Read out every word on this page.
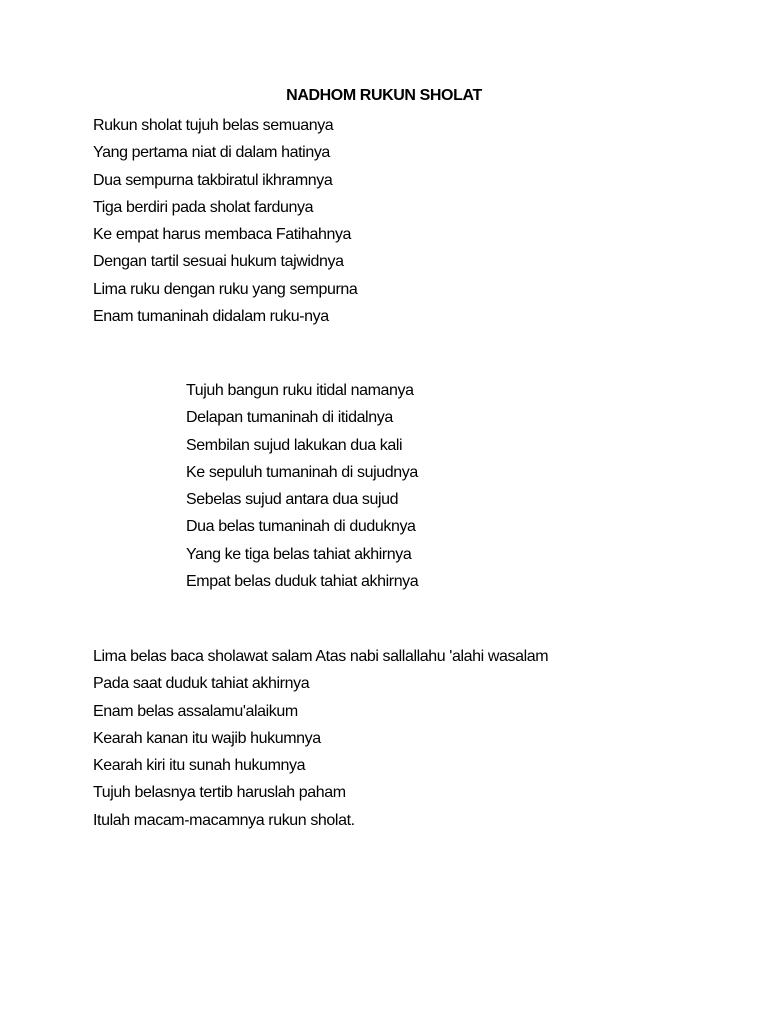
NADHOM RUKUN SHOLAT
Rukun sholat tujuh belas semuanya
Yang pertama niat di dalam hatinya
Dua sempurna takbiratul ikhramnya
Tiga berdiri pada sholat fardunya
Ke empat harus membaca Fatihahnya
Dengan tartil sesuai hukum tajwidnya
Lima ruku dengan ruku yang sempurna
Enam tumaninah didalam ruku-nya
Tujuh bangun ruku itidal namanya
Delapan tumaninah di itidalnya
Sembilan sujud lakukan dua kali
Ke sepuluh tumaninah di sujudnya
Sebelas sujud antara dua sujud
Dua belas tumaninah di duduknya
Yang ke tiga belas tahiat akhirnya
Empat belas duduk tahiat akhirnya
Lima belas baca sholawat salam Atas nabi sallallahu 'alahi wasalam
Pada saat duduk tahiat akhirnya
Enam belas assalamu'alaikum
Kearah kanan itu wajib hukumnya
Kearah kiri itu sunah hukumnya
Tujuh belasnya tertib haruslah paham
Itulah macam-macamnya rukun sholat.
